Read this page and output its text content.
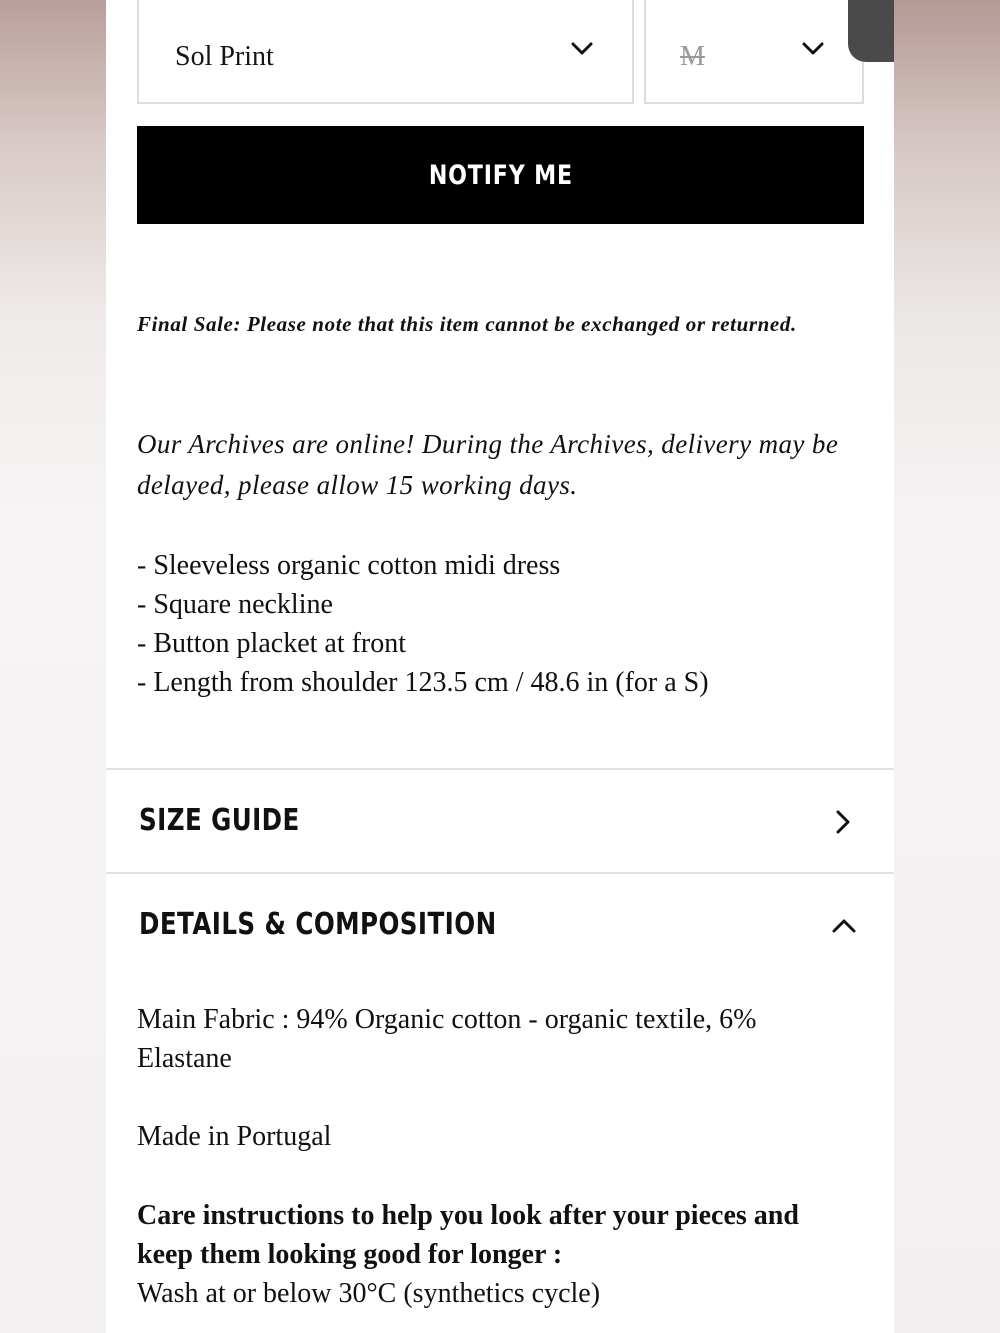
Sol Print	M
NOTIFY ME
Final Sale: Please note that this item cannot be exchanged or returned.
Our Archives are online! During the Archives, delivery may be delayed, please allow 15 working days.
- Sleeveless organic cotton midi dress
- Square neckline
- Button placket at front
- Length from shoulder 123.5 cm / 48.6 in (for a S)
SIZE GUIDE
DETAILS & COMPOSITION

Main Fabric : 94% Organic cotton - organic textile, 6% Elastane

Made in Portugal

Care instructions to help you look after your pieces and keep them looking good for longer :

Wash at or below 30°C (synthetics cycle)
